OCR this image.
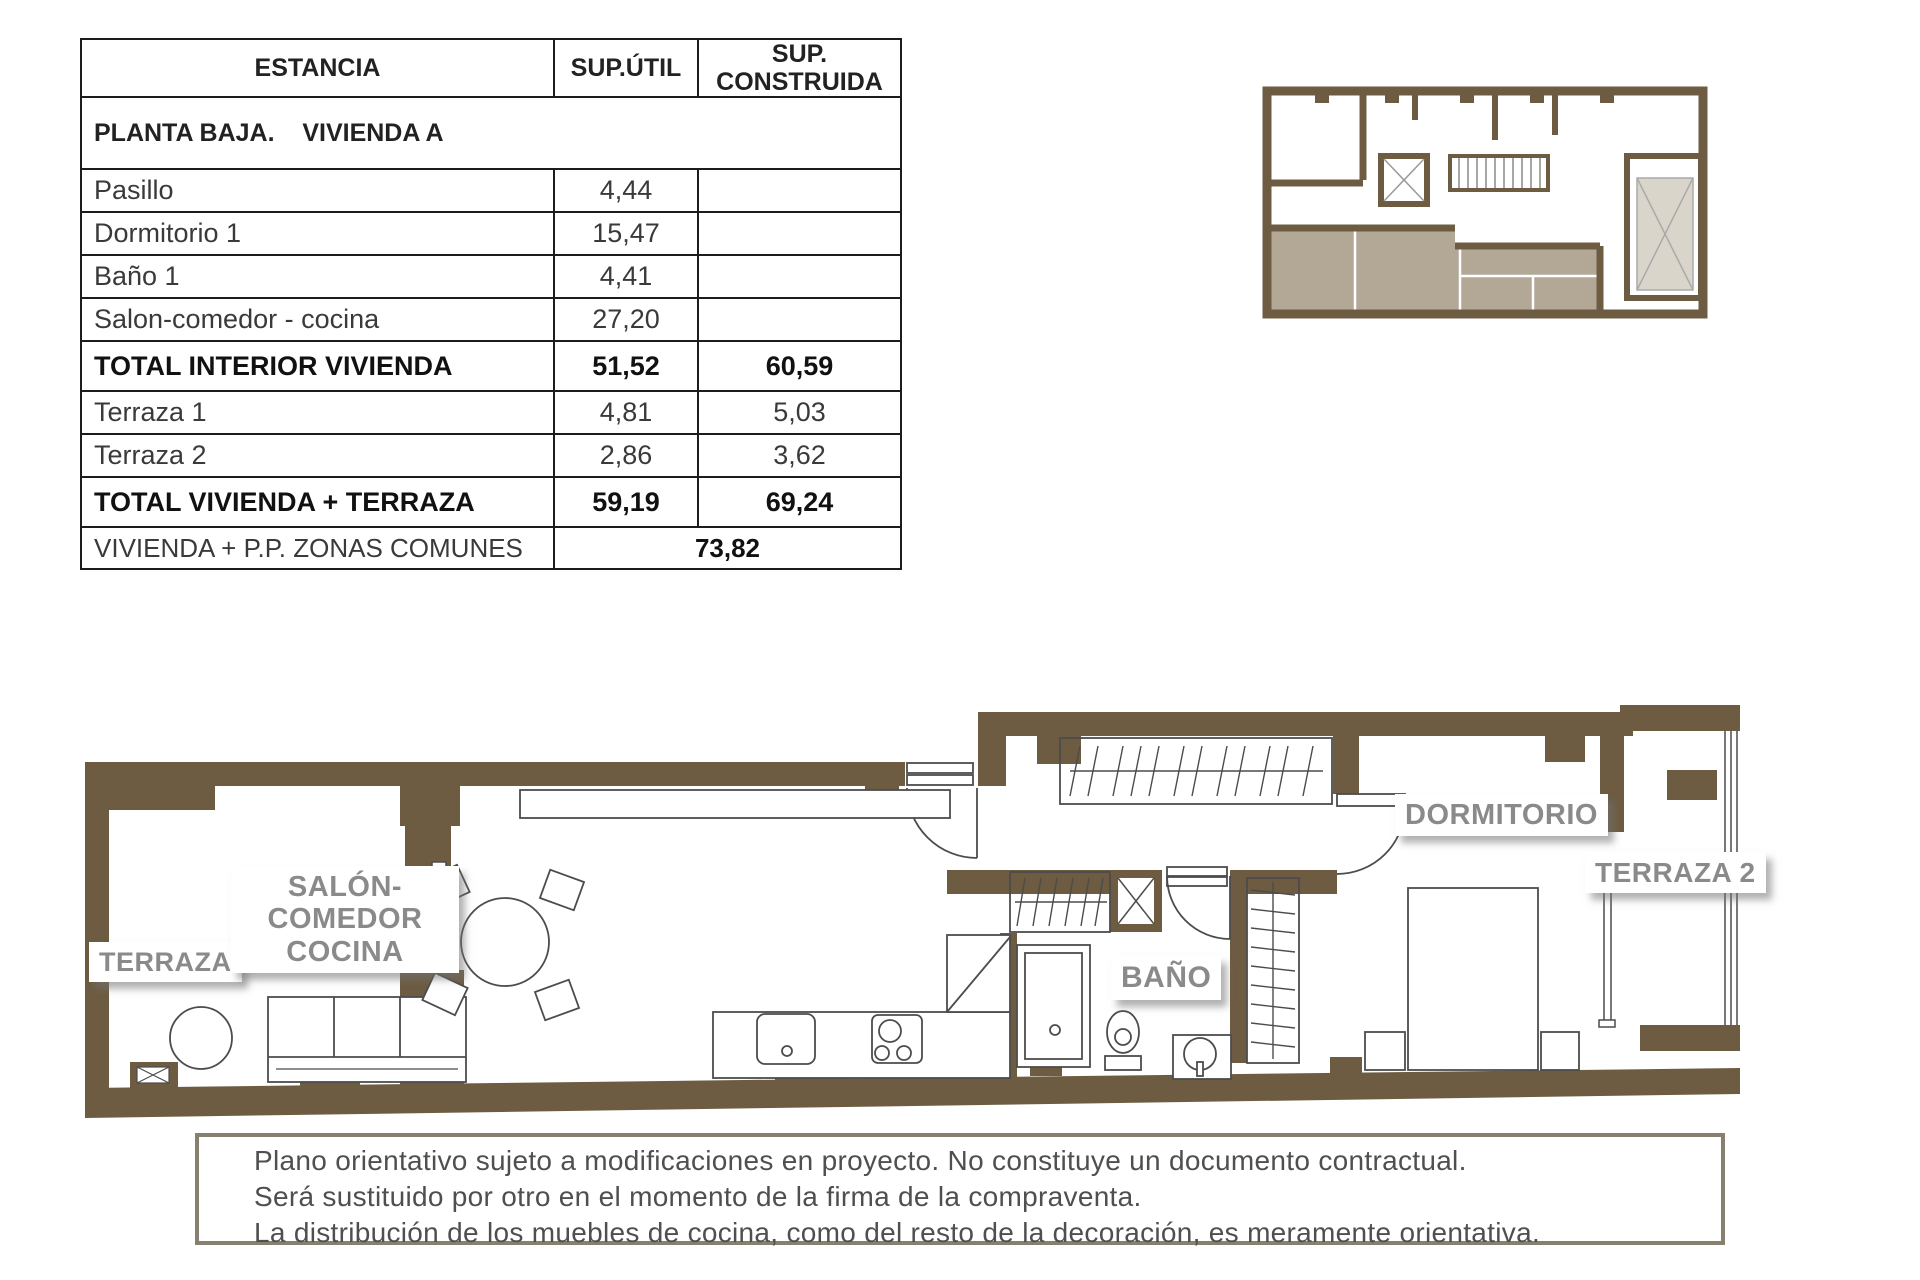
ESTANCIA	SUP.ÚTIL	SUP. CONSTRUIDA
PLANTA BAJA.    VIVIENDA A		
Pasillo	4,44	
Dormitorio 1	15,47	
Baño 1	4,41	
Salon-comedor - cocina	27,20	
TOTAL INTERIOR VIVIENDA	51,52	60,59
Terraza 1	4,81	5,03
Terraza 2	2,86	3,62
TOTAL VIVIENDA + TERRAZA	59,19	69,24
VIVIENDA + P.P. ZONAS COMUNES	73,82	
TERRAZA
SALÓN-COMEDOR
COCINA
BAÑO
DORMITORIO
TERRAZA 2
Plano orientativo sujeto a modificaciones en proyecto. No constituye un documento contractual.
Será sustituido por otro en el momento de la firma de la compraventa.
La distribución de los muebles de cocina, como del resto de la decoración, es meramente orientativa.
